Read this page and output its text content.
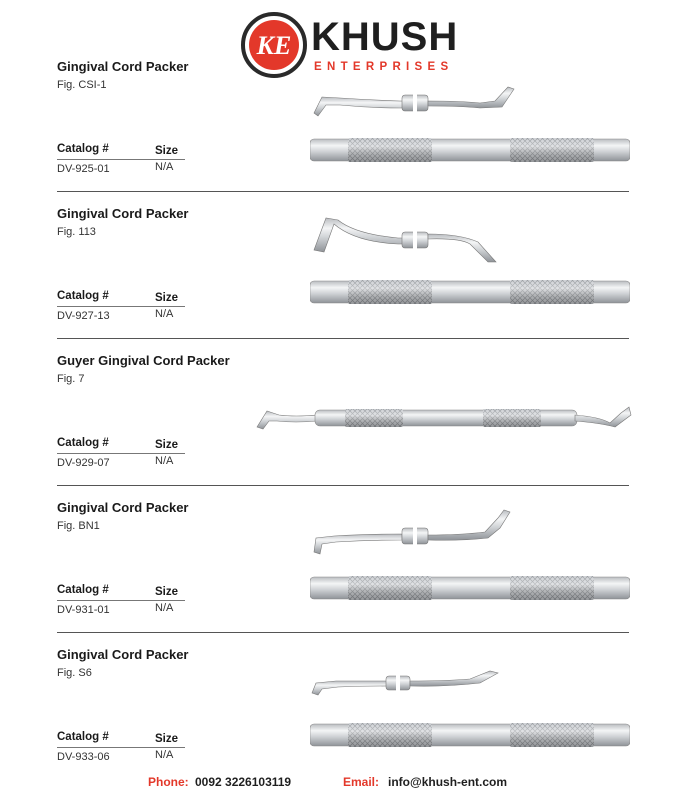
KE KHUSH
ENTERPRISES
Gingival Cord Packer
Fig. CSI-1
Catalog #	Size
DV-925-01	N/A
Gingival Cord Packer
Fig. 113
Catalog #	Size
DV-927-13	N/A
Guyer Gingival Cord Packer
Fig. 7
Catalog #	Size
DV-929-07	N/A
Gingival Cord Packer
Fig. BN1
Catalog #	Size
DV-931-01	N/A
Gingival Cord Packer
Fig. S6
Catalog #	Size
DV-933-06	N/A
Phone: 0092 3226103119	Email: info@khush-ent.com
